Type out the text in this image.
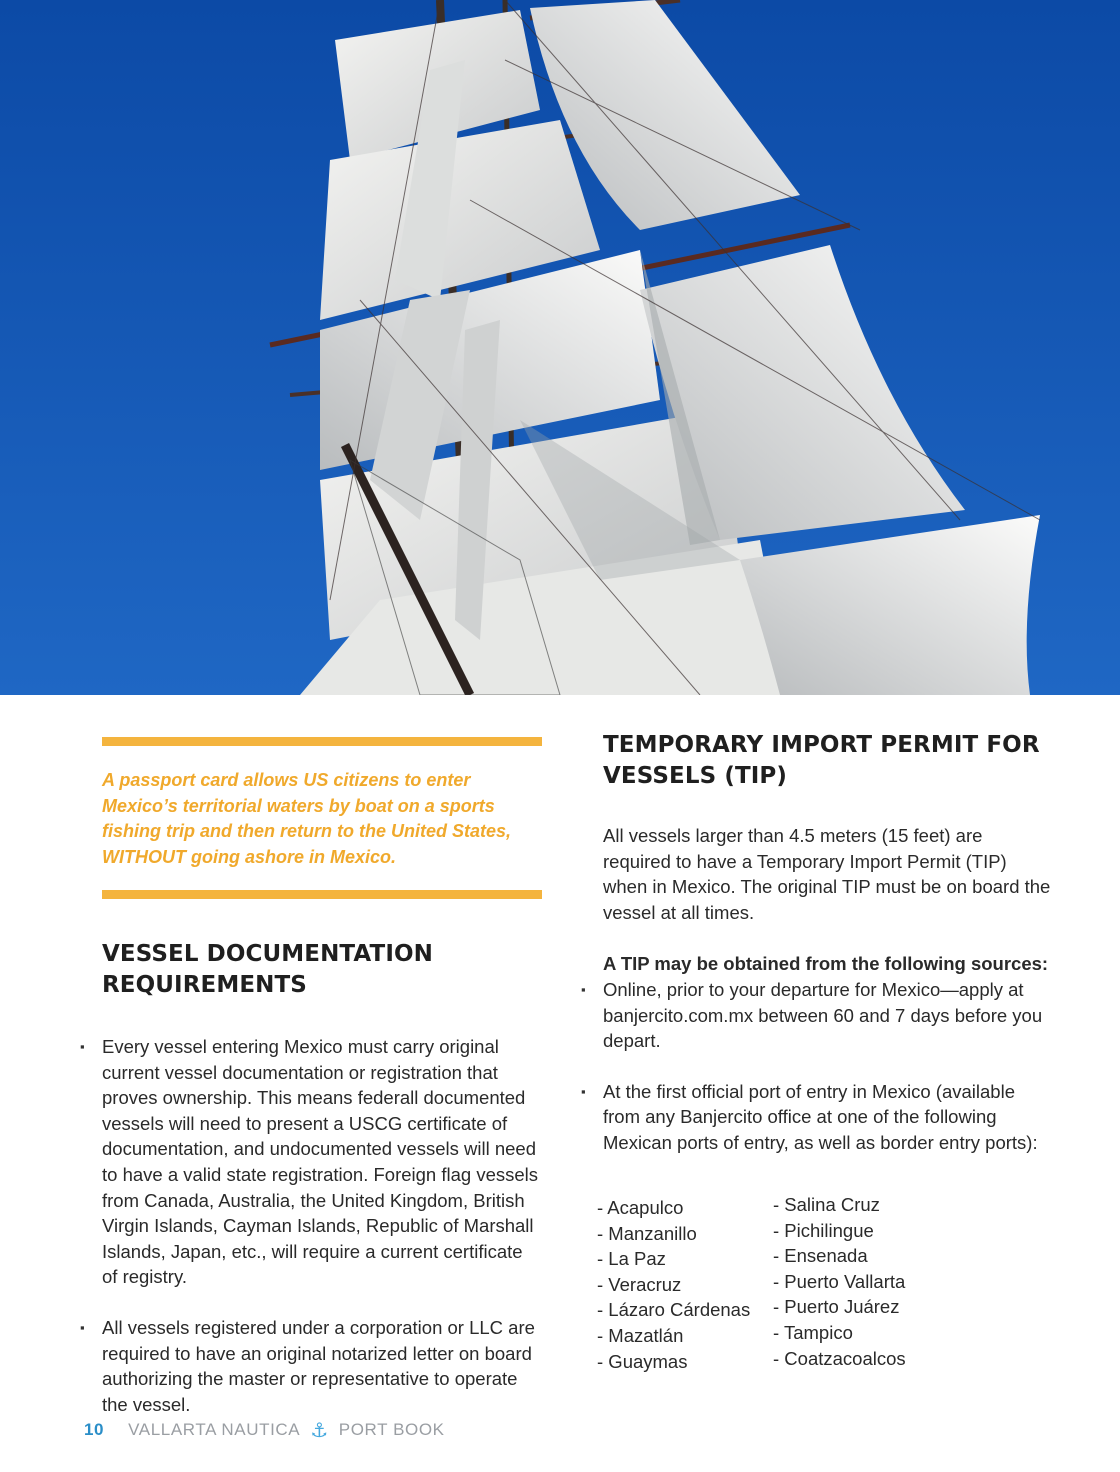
A passport card allows US citizens to enter Mexico’s territorial waters by boat on a sports fishing trip and then return to the United States, WITHOUT going ashore in Mexico.
VESSEL DOCUMENTATION
REQUIREMENTS
▪ Every vessel entering Mexico must carry original current vessel documentation or registration that proves ownership. This means federall documented vessels will need to present a USCG certificate of documentation, and undocumented vessels will need to have a valid state registration. Foreign flag vessels from Canada, Australia, the United Kingdom, British Virgin Islands, Cayman Islands, Republic of Marshall Islands, Japan, etc., will require a current certificate of registry.
▪ All vessels registered under a corporation or LLC are required to have an original notarized letter on board authorizing the master or representative to operate the vessel.
TEMPORARY IMPORT PERMIT FOR
VESSELS (TIP)
All vessels larger than 4.5 meters (15 feet) are required to have a Temporary Import Permit (TIP) when in Mexico. The original TIP must be on board the vessel at all times.
A TIP may be obtained from the following sources:
▪ Online, prior to your departure for Mexico—apply at banjercito.com.mx between 60 and 7 days before you depart.
▪ At the first official port of entry in Mexico (available from any Banjercito office at one of the following Mexican ports of entry, as well as border entry ports):
- Acapulco
- Manzanillo
- La Paz
- Veracruz
- Lázaro Cárdenas
- Mazatlán
- Guaymas
- Salina Cruz
- Pichilingue
- Ensenada
- Puerto Vallarta
- Puerto Juárez
- Tampico
- Coatzacoalcos
10 VALLARTA NAUTICA ⚓ PORT BOOK
